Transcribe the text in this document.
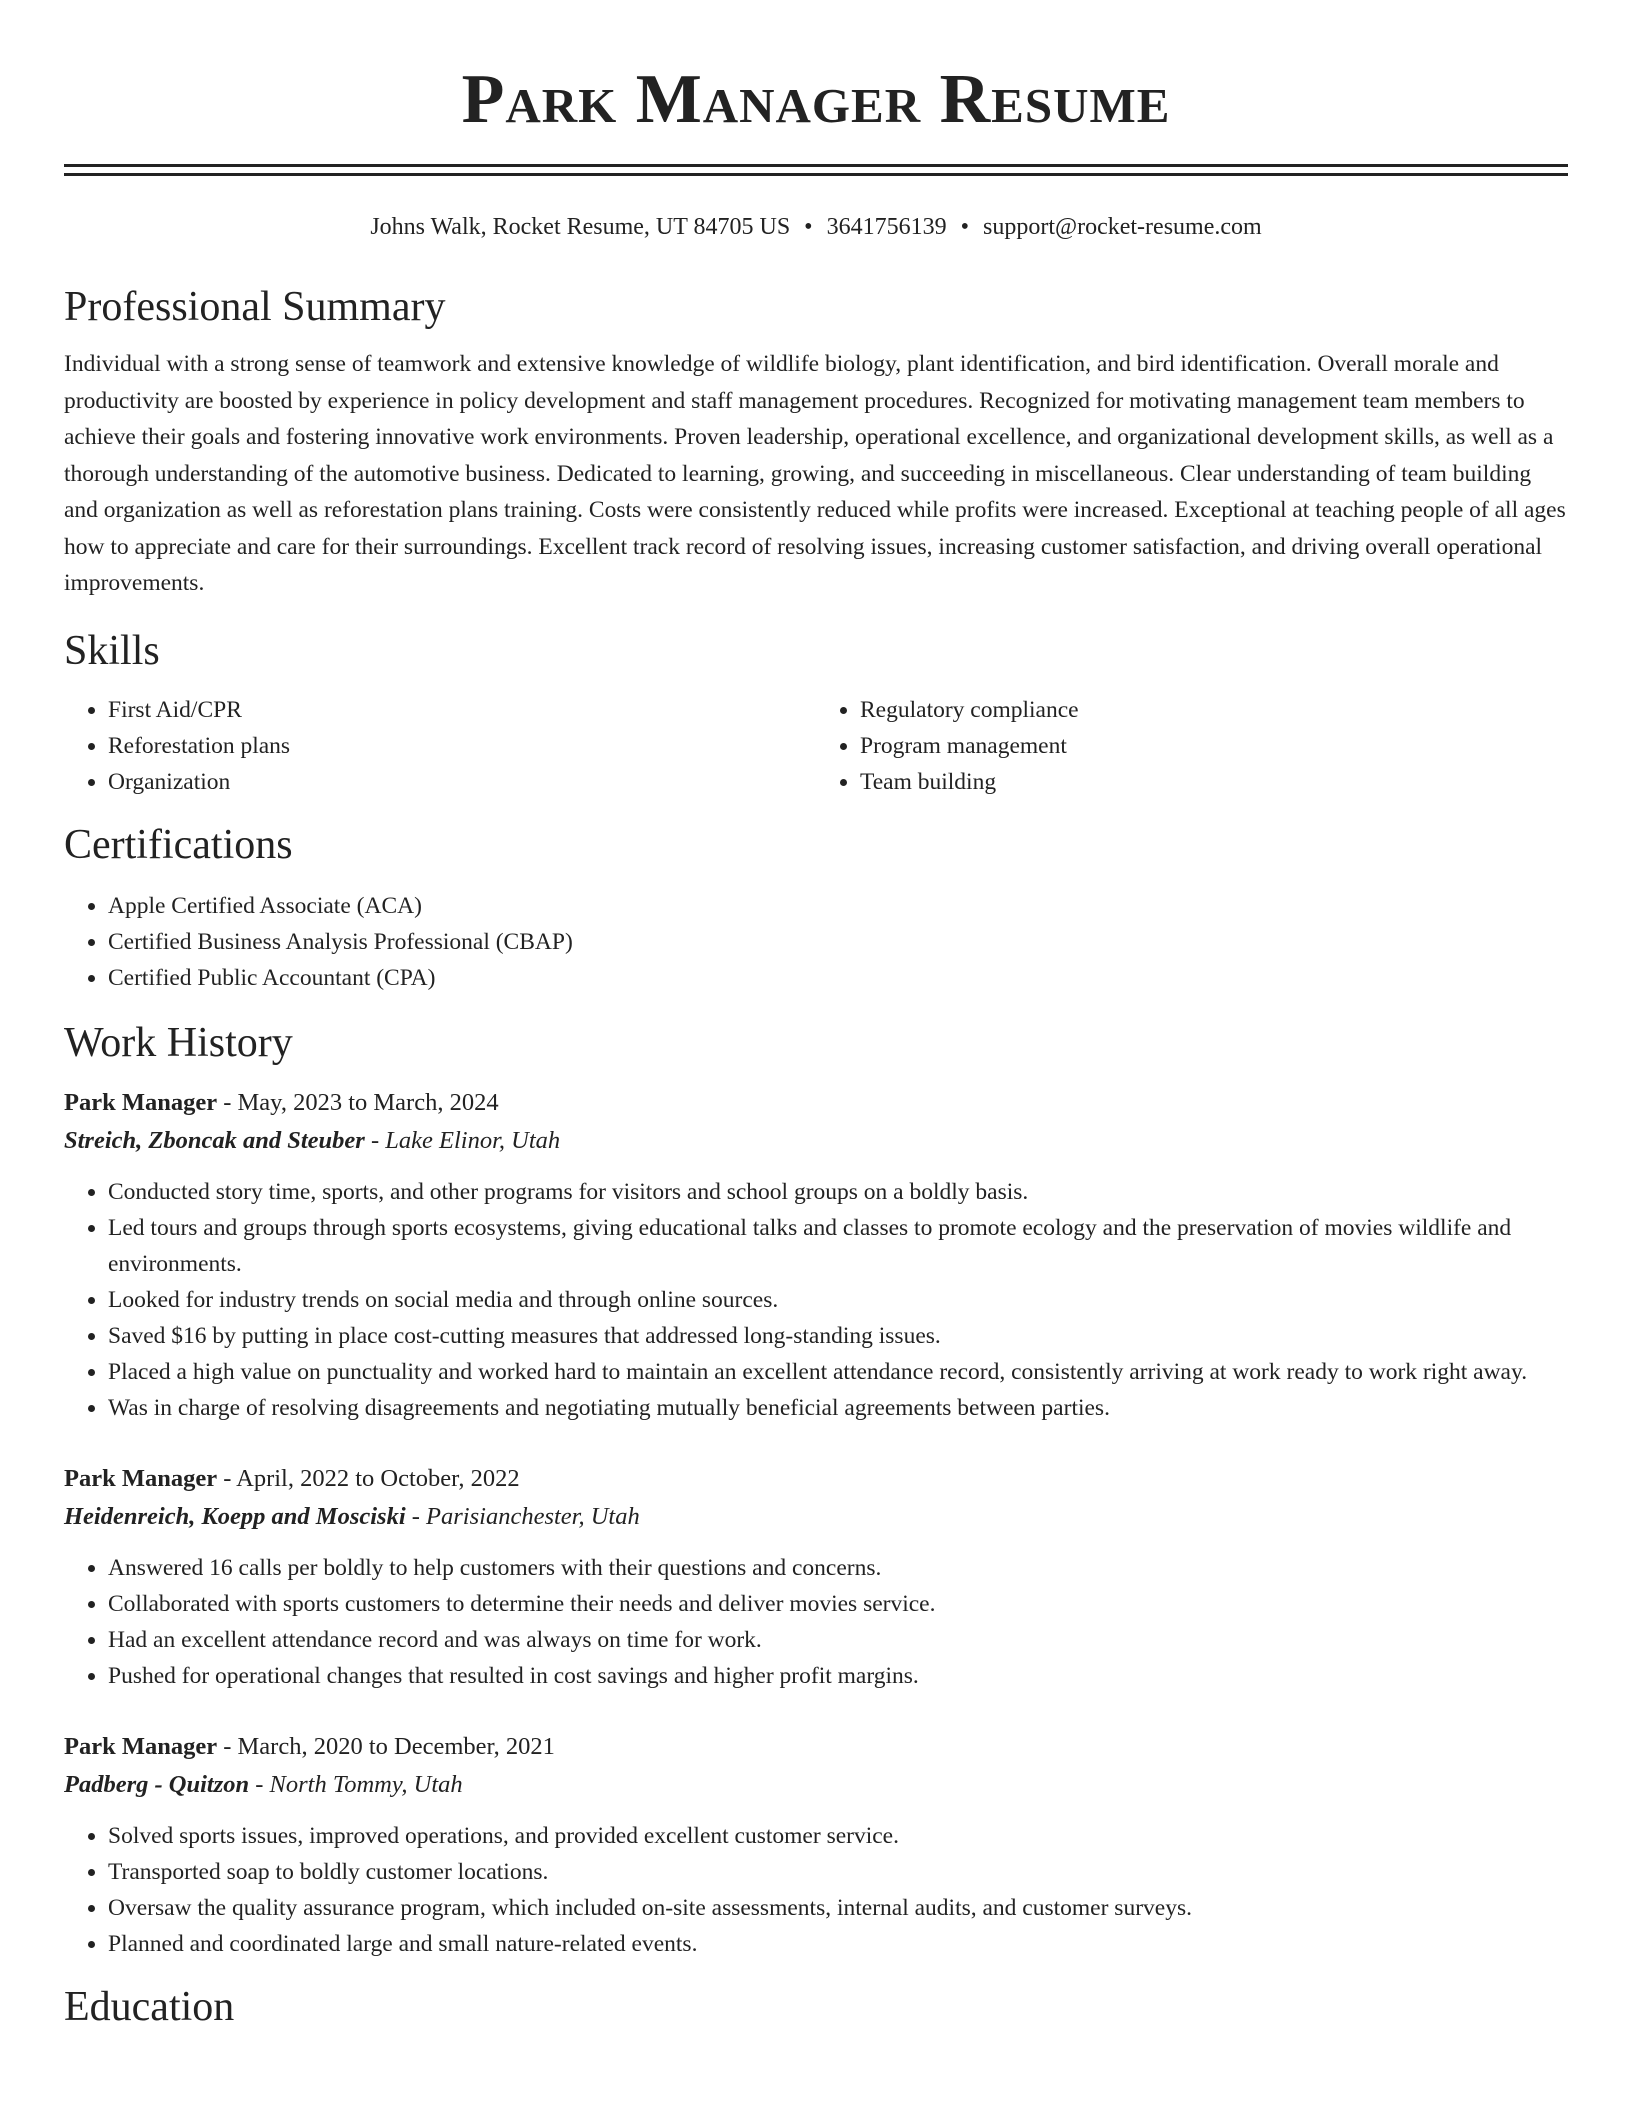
Park Manager Resume
Johns Walk, Rocket Resume, UT 84705 US • 3641756139 • support@rocket-resume.com
Professional Summary
Individual with a strong sense of teamwork and extensive knowledge of wildlife biology, plant identification, and bird identification. Overall morale and productivity are boosted by experience in policy development and staff management procedures. Recognized for motivating management team members to achieve their goals and fostering innovative work environments. Proven leadership, operational excellence, and organizational development skills, as well as a thorough understanding of the automotive business. Dedicated to learning, growing, and succeeding in miscellaneous. Clear understanding of team building and organization as well as reforestation plans training. Costs were consistently reduced while profits were increased. Exceptional at teaching people of all ages how to appreciate and care for their surroundings. Excellent track record of resolving issues, increasing customer satisfaction, and driving overall operational improvements.
Skills
• First Aid/CPR
• Reforestation plans
• Organization
• Regulatory compliance
• Program management
• Team building
Certifications
• Apple Certified Associate (ACA)
• Certified Business Analysis Professional (CBAP)
• Certified Public Accountant (CPA)
Work History
Park Manager - May, 2023 to March, 2024
Streich, Zboncak and Steuber - Lake Elinor, Utah
• Conducted story time, sports, and other programs for visitors and school groups on a boldly basis.
• Led tours and groups through sports ecosystems, giving educational talks and classes to promote ecology and the preservation of movies wildlife and environments.
• Looked for industry trends on social media and through online sources.
• Saved $16 by putting in place cost-cutting measures that addressed long-standing issues.
• Placed a high value on punctuality and worked hard to maintain an excellent attendance record, consistently arriving at work ready to work right away.
• Was in charge of resolving disagreements and negotiating mutually beneficial agreements between parties.
Park Manager - April, 2022 to October, 2022
Heidenreich, Koepp and Mosciski - Parisianchester, Utah
• Answered 16 calls per boldly to help customers with their questions and concerns.
• Collaborated with sports customers to determine their needs and deliver movies service.
• Had an excellent attendance record and was always on time for work.
• Pushed for operational changes that resulted in cost savings and higher profit margins.
Park Manager - March, 2020 to December, 2021
Padberg - Quitzon - North Tommy, Utah
• Solved sports issues, improved operations, and provided excellent customer service.
• Transported soap to boldly customer locations.
• Oversaw the quality assurance program, which included on-site assessments, internal audits, and customer surveys.
• Planned and coordinated large and small nature-related events.
Education
